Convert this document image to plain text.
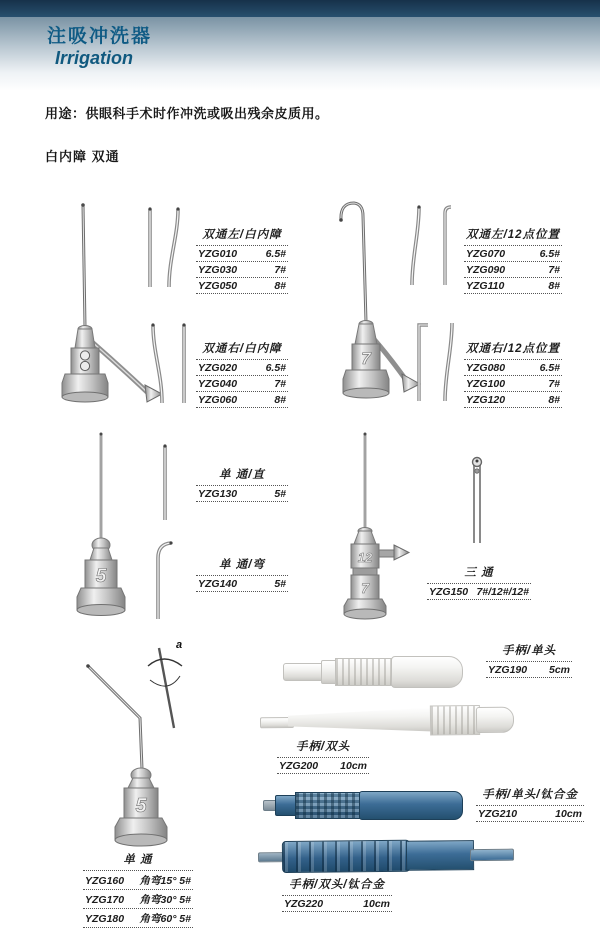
注吸冲洗器
Irrigation
用途：供眼科手术时作冲洗或吸出残余皮质用。
白内障 双通
双通左/白内障
YZG010	6.5#
YZG030	7#
YZG050	8#
7
双通左/12点位置
YZG070	6.5#
YZG090	7#
YZG110	8#
双通右/白内障
YZG020	6.5#
YZG040	7#
YZG060	8#
双通右/12点位置
YZG080	6.5#
YZG100	7#
YZG120	8#
5
单 通/直
YZG130	5#
单 通/弯
YZG140	5#
12
7
三 通
YZG150 7#/12#/12#
5
a	手柄/单头
YZG190 5cm
手柄/双头
YZG200 10cm
手柄/单头/钛合金
YZG210	10cm
手柄/双头/钛合金
YZG220	10cm
单 通
YZG160 角弯15° 5#
YZG170 角弯30° 5#
YZG180 角弯60° 5#
